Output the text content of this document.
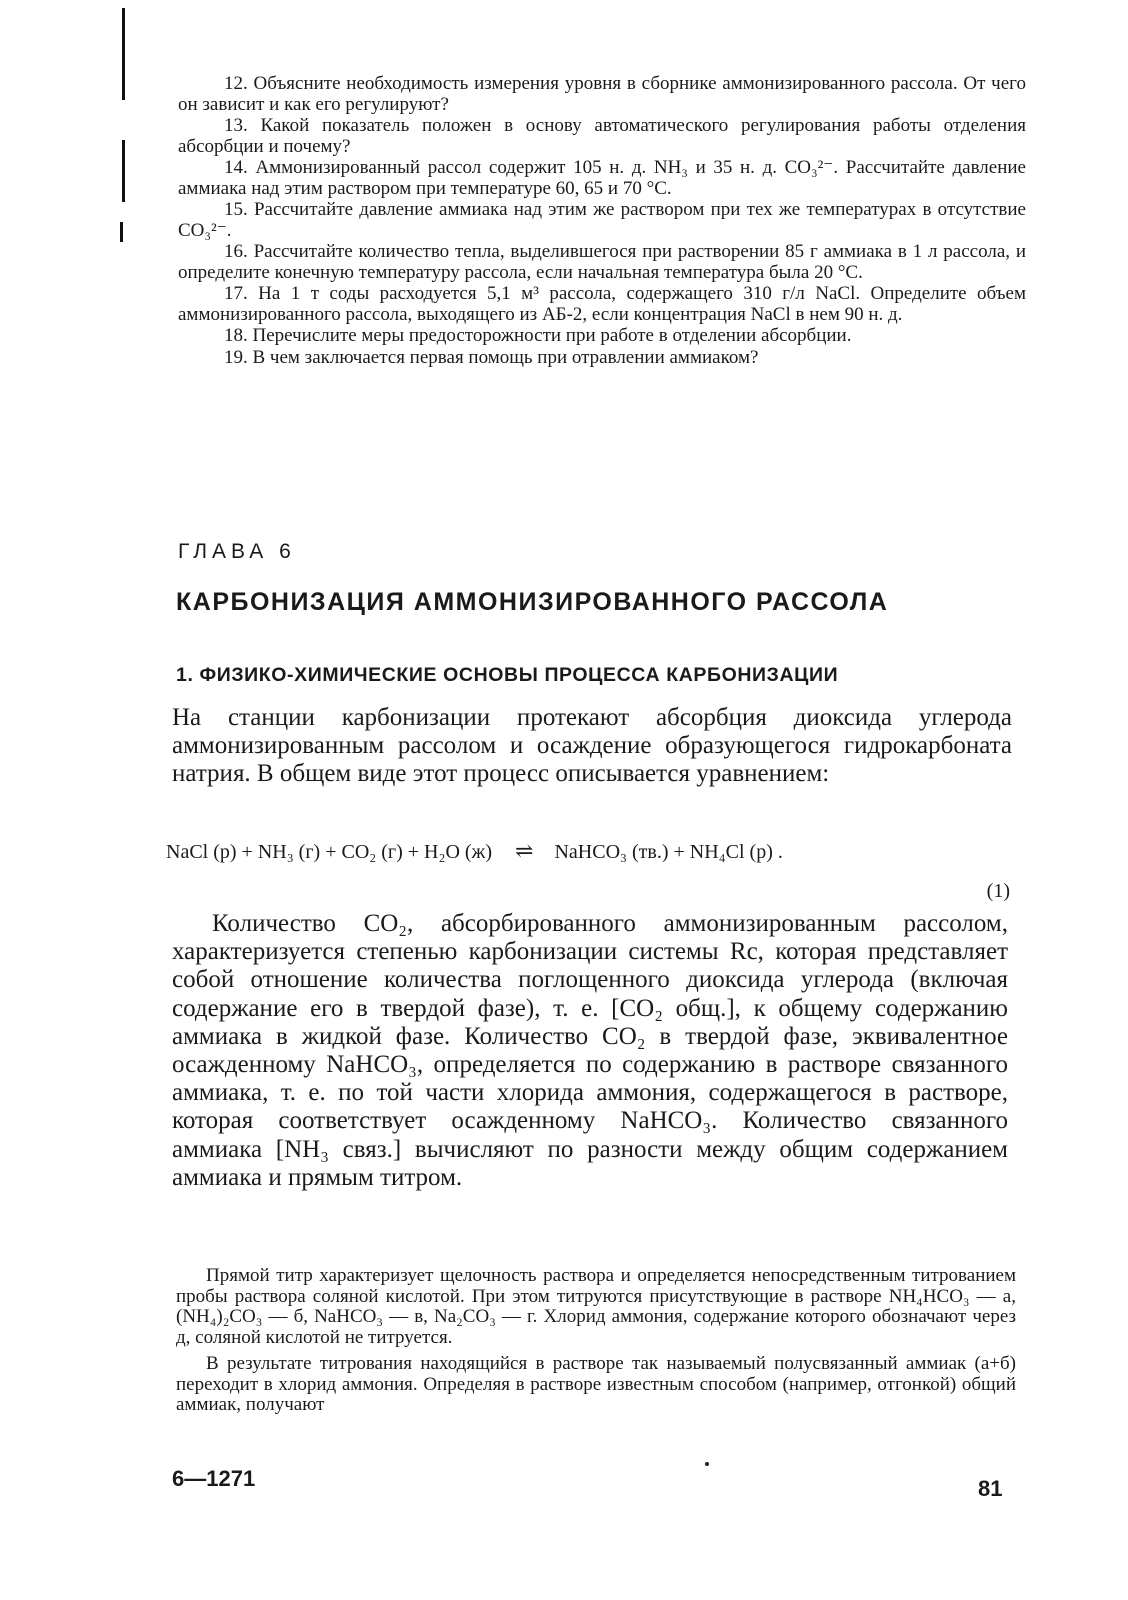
12. Объясните необходимость измерения уровня в сборнике аммонизированного рассола. От чего он зависит и как его регулируют?

13. Какой показатель положен в основу автоматического регулирования работы отделения абсорбции и почему?

14. Аммонизированный рассол содержит 105 н. д. NH₃ и 35 н. д. CO₃²⁻. Рассчитайте давление аммиака над этим раствором при температуре 60, 65 и 70 °С.

15. Рассчитайте давление аммиака над этим же раствором при тех же температурах в отсутствие CO₃²⁻.

16. Рассчитайте количество тепла, выделившегося при растворении 85 г аммиака в 1 л рассола, и определите конечную температуру рассола, если начальная температура была 20 °С.

17. На 1 т соды расходуется 5,1 м³ рассола, содержащего 310 г/л NaCl. Определите объем аммонизированного рассола, выходящего из АБ-2, если концентрация NaCl в нем 90 н. д.

18. Перечислите меры предосторожности при работе в отделении абсорбции.

19. В чем заключается первая помощь при отравлении аммиаком?

ГЛАВА 6
КАРБОНИЗАЦИЯ АММОНИЗИРОВАННОГО РАССОЛА
1. ФИЗИКО-ХИМИЧЕСКИЕ ОСНОВЫ ПРОЦЕССА КАРБОНИЗАЦИИ

На станции карбонизации протекают абсорбция диоксида углерода аммонизированным рассолом и осаждение образующегося гидрокарбоната натрия. В общем виде этот процесс описывается уравнением:

NaCl (р) + NH₃ (г) + CO₂ (г) + H₂O (ж) ⇌ NaHCO₃ (тв.) + NH₄Cl (р) .
(1)

Количество CO₂, абсорбированного аммонизированным рассолом, характеризуется степенью карбонизации системы Rc, которая представляет собой отношение количества поглощенного диоксида углерода (включая содержание его в твердой фазе), т. е. [CO₂ общ.], к общему содержанию аммиака в жидкой фазе. Количество CO₂ в твердой фазе, эквивалентное осажденному NaHCO₃, определяется по содержанию в растворе связанного аммиака, т. е. по той части хлорида аммония, содержащегося в растворе, которая соответствует осажденному NaHCO₃. Количество связанного аммиака [NH₃ связ.] вычисляют по разности между общим содержанием аммиака и прямым титром.

Прямой титр характеризует щелочность раствора и определяется непосредственным титрованием пробы раствора соляной кислотой. При этом титруются присутствующие в растворе NH₄HCO₃ — а, (NH₄)₂CO₃ — б, NaHCO₃ — в, Na₂CO₃ — г. Хлорид аммония, содержание которого обозначают через д, соляной кислотой не титруется.

В результате титрования находящийся в растворе так называемый полусвязанный аммиак (а+б) переходит в хлорид аммония. Определяя в растворе известным способом (например, отгонкой) общий аммиак, получают

6—1271	81
